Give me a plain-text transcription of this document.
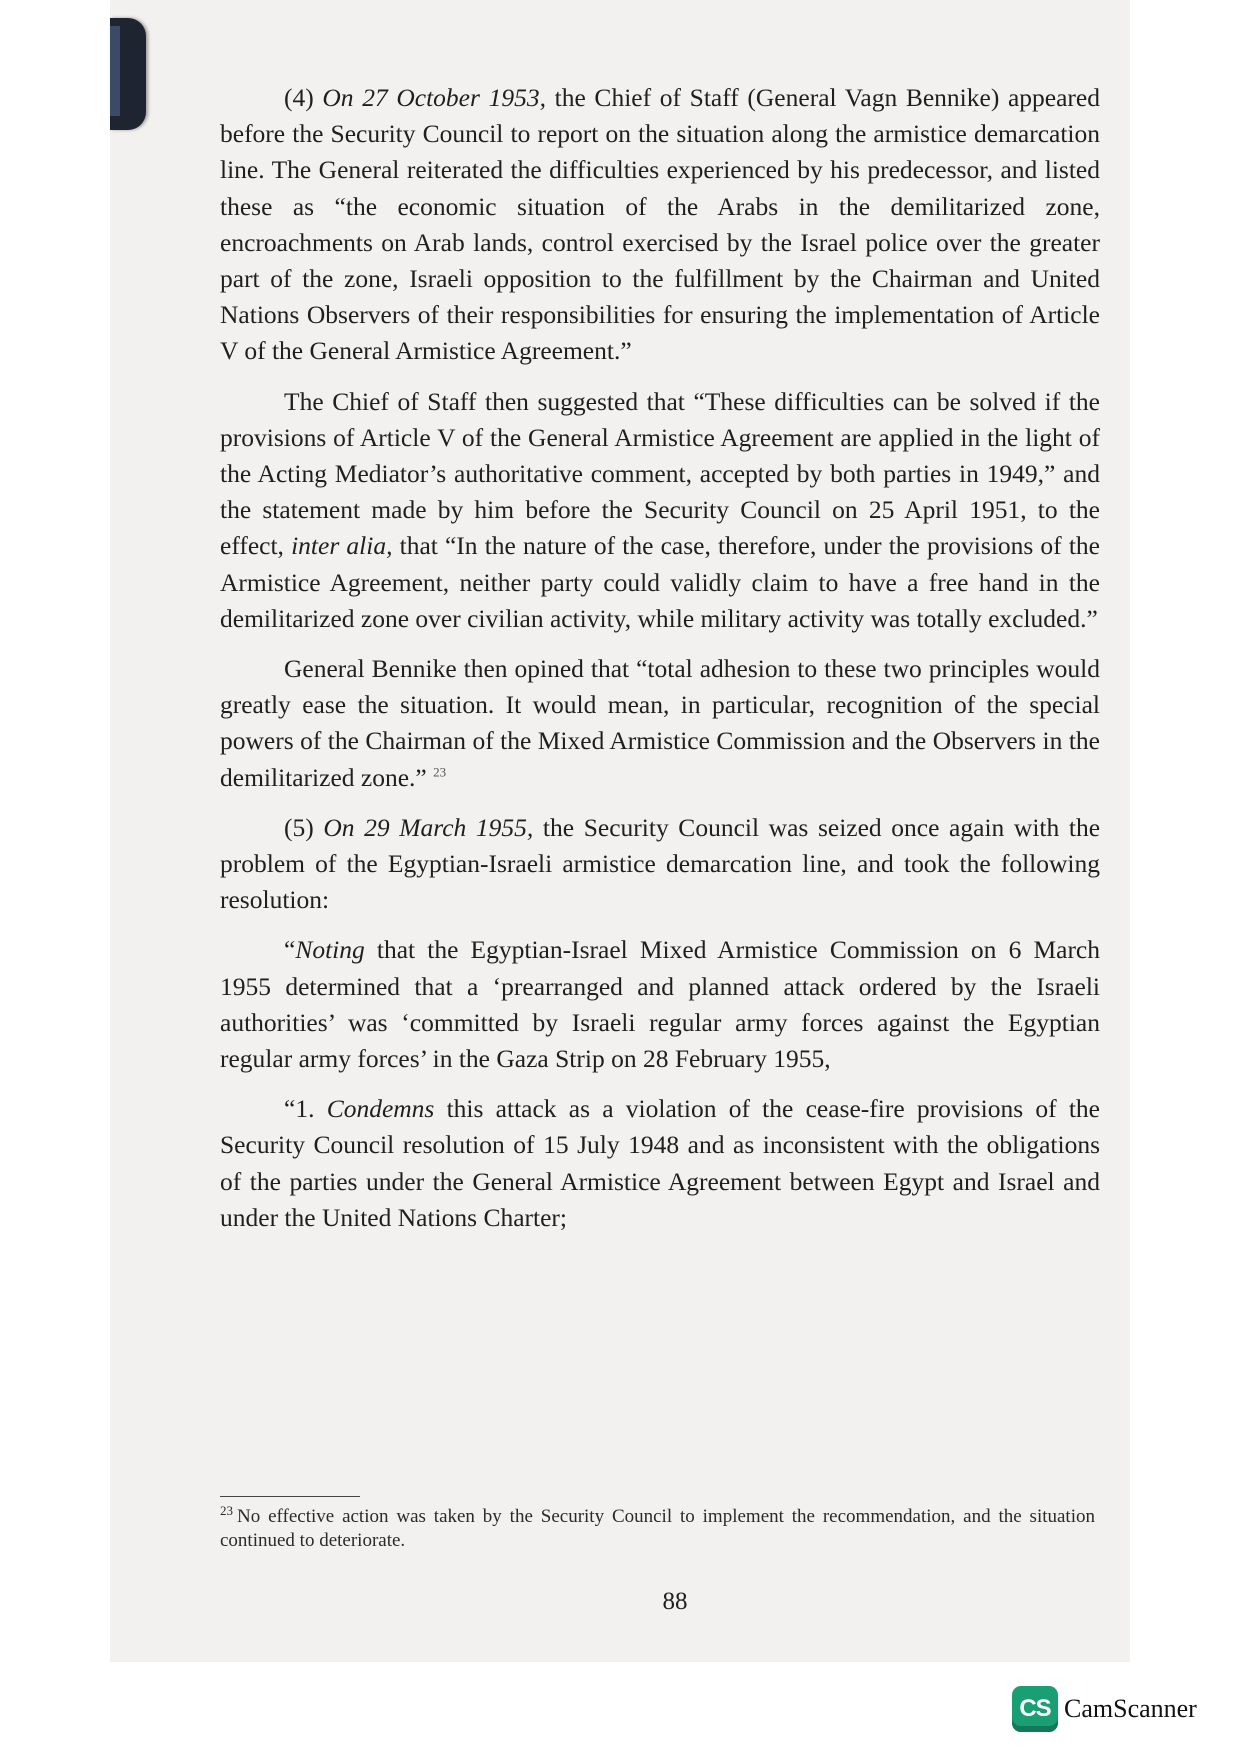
(4) On 27 October 1953, the Chief of Staff (General Vagn Bennike) appeared before the Security Council to report on the situation along the armistice demarcation line. The General reiterated the difficulties experienced by his predecessor, and listed these as “the economic situation of the Arabs in the demilitarized zone, encroachments on Arab lands, control exercised by the Israel police over the greater part of the zone, Israeli opposition to the fulfillment by the Chairman and United Nations Observers of their responsibilities for ensuring the implementation of Article V of the General Armistice Agreement.”

The Chief of Staff then suggested that “These difficulties can be solved if the provisions of Article V of the General Armistice Agreement are applied in the light of the Acting Mediator’s authoritative comment, accepted by both parties in 1949,” and the statement made by him before the Security Council on 25 April 1951, to the effect, inter alia, that “In the nature of the case, therefore, under the provisions of the Armistice Agreement, neither party could validly claim to have a free hand in the demilitarized zone over civilian activity, while military activity was totally excluded.”

General Bennike then opined that “total adhesion to these two principles would greatly ease the situation. It would mean, in particular, recognition of the special powers of the Chairman of the Mixed Armistice Commission and the Observers in the demilitarized zone.” $^{23}$

(5) On 29 March 1955, the Security Council was seized once again with the problem of the Egyptian-Israeli armistice demarcation line, and took the following resolution:

“Noting that the Egyptian-Israel Mixed Armistice Commission on 6 March 1955 determined that a ‘prearranged and planned attack ordered by the Israeli authorities’ was ‘committed by Israeli regular army forces against the Egyptian regular army forces’ in the Gaza Strip on 28 February 1955,

“1. Condemns this attack as a violation of the cease-fire provisions of the Security Council resolution of 15 July 1948 and as inconsistent with the obligations of the parties under the General Armistice Agreement between Egypt and Israel and under the United Nations Charter;

$^{23}$ No effective action was taken by the Security Council to implement the recommendation, and the situation continued to deteriorate.
88
CS CamScanner
